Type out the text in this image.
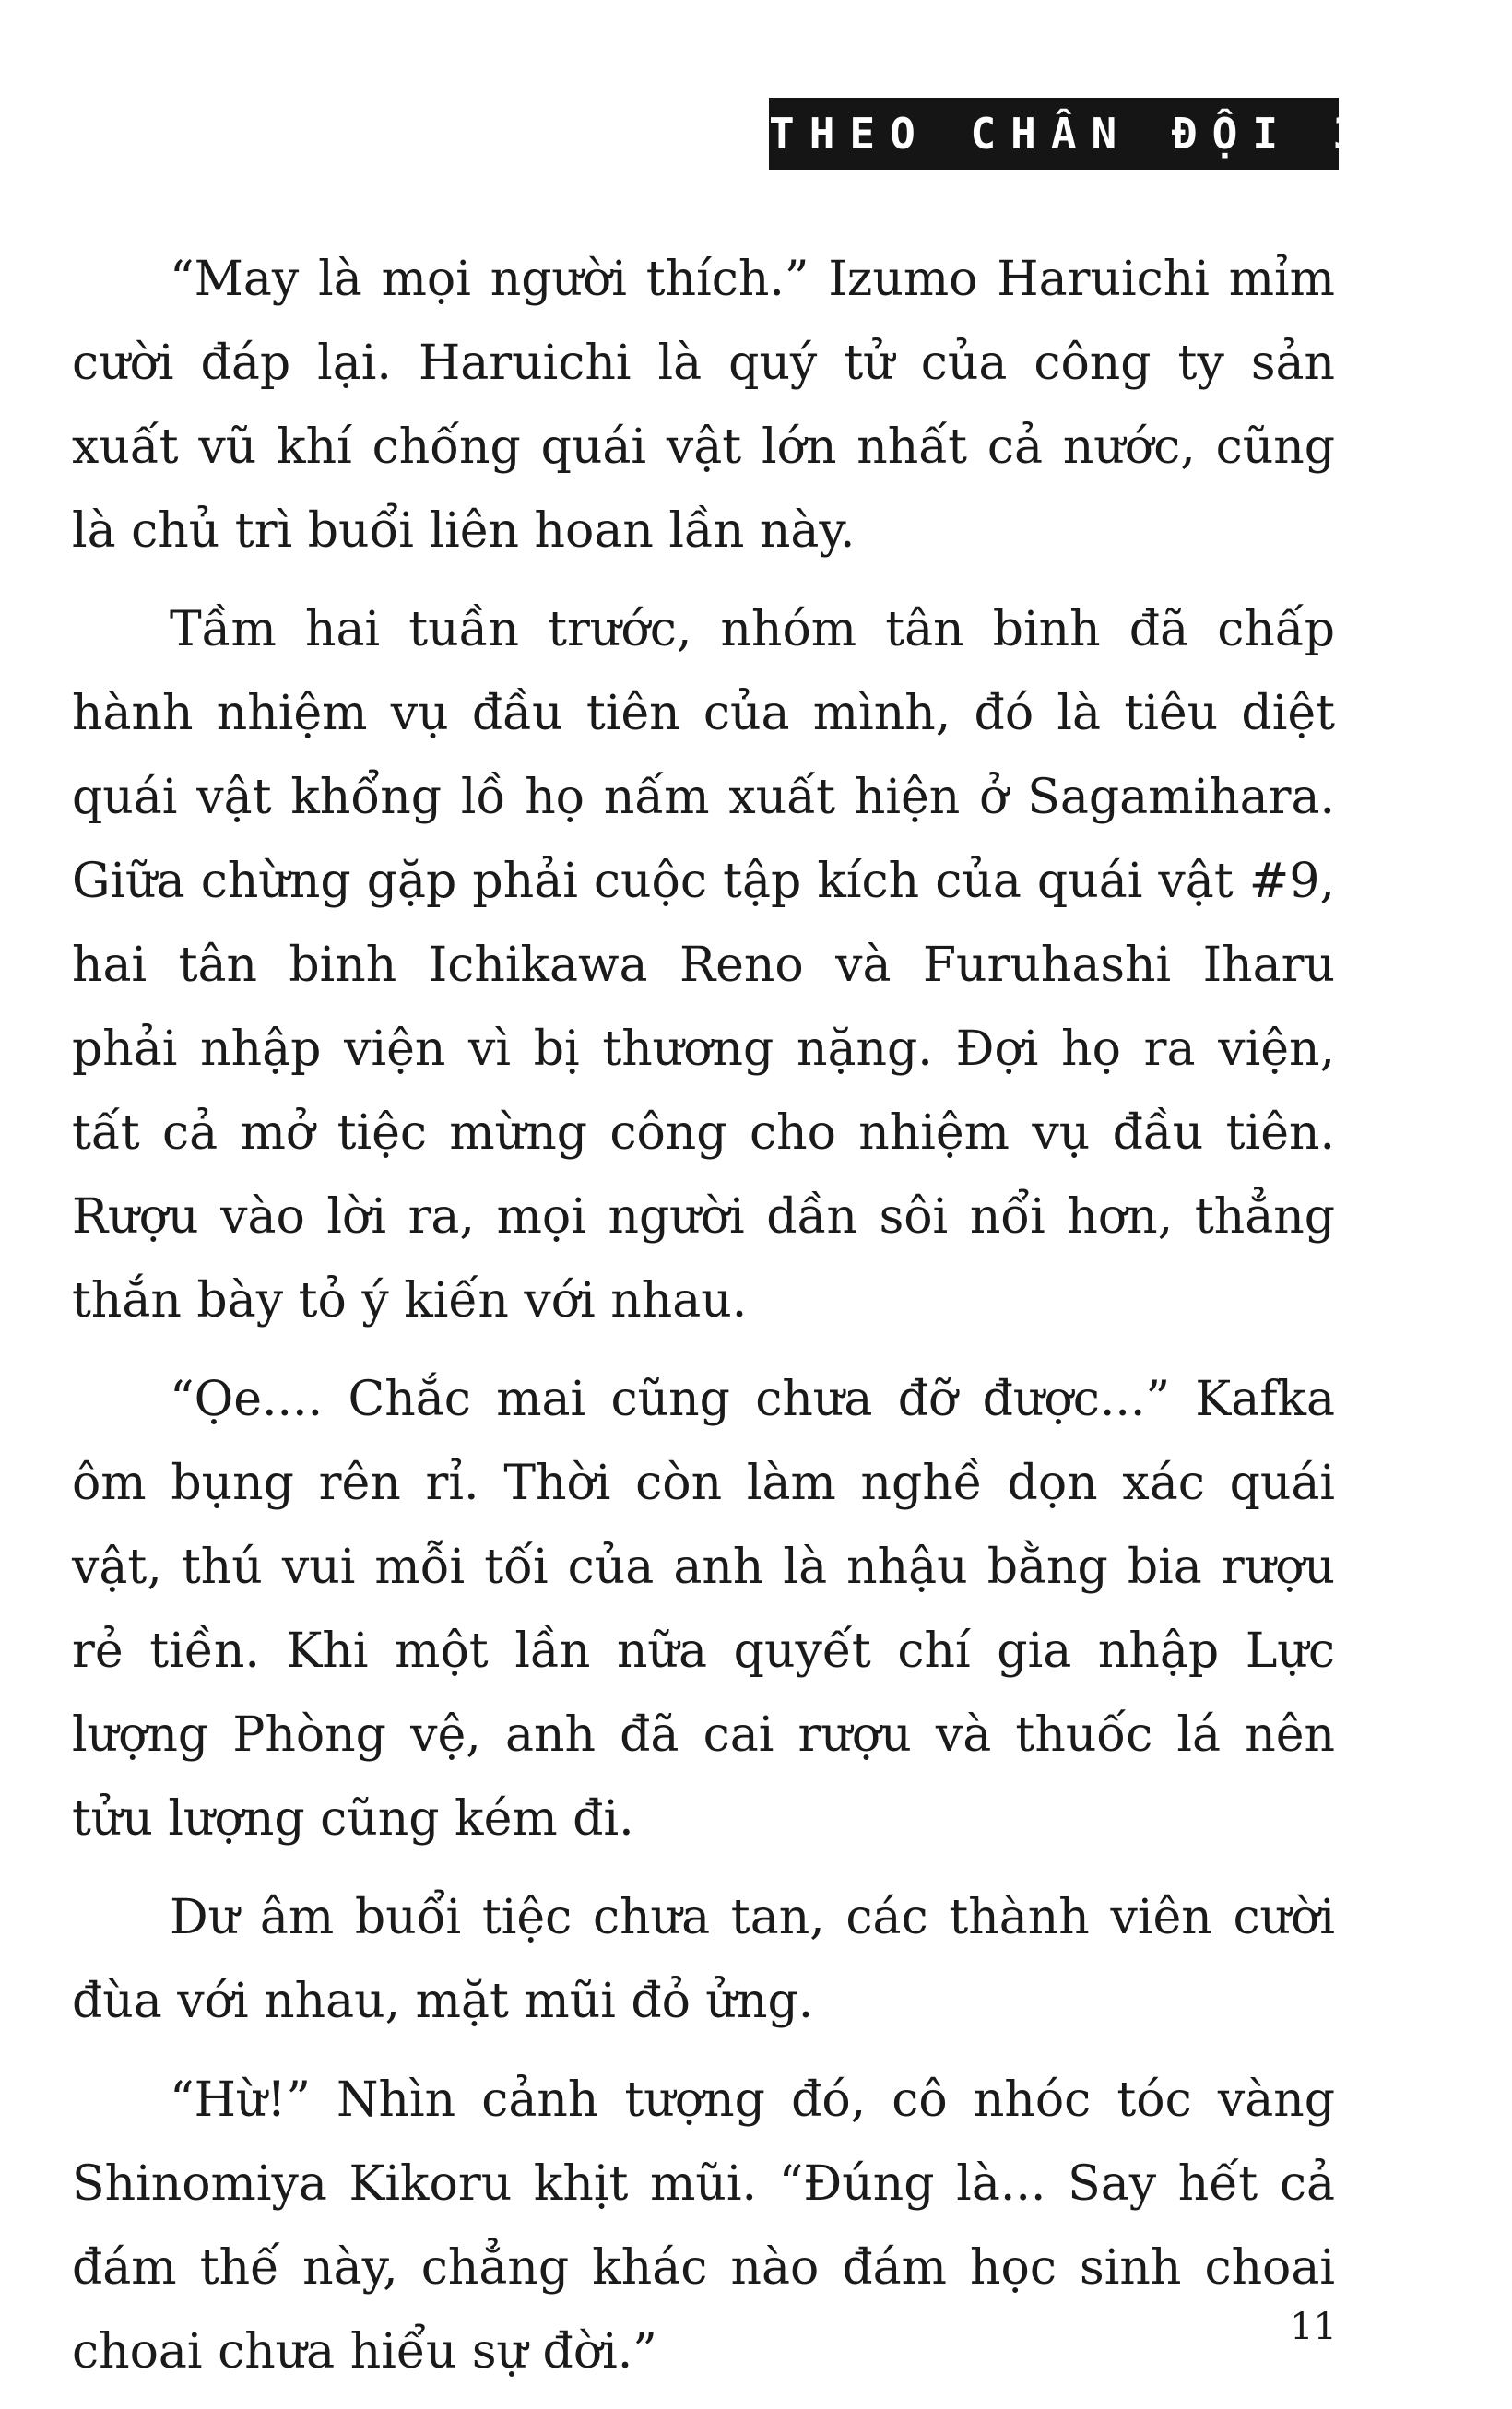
THEO CHÂN ĐỘI 3!

“May là mọi người thích.” Izumo Haruichi mỉm cười đáp lại. Haruichi là quý tử của công ty sản xuất vũ khí chống quái vật lớn nhất cả nước, cũng là chủ trì buổi liên hoan lần này.

Tầm hai tuần trước, nhóm tân binh đã chấp hành nhiệm vụ đầu tiên của mình, đó là tiêu diệt quái vật khổng lồ họ nấm xuất hiện ở Sagamihara. Giữa chừng gặp phải cuộc tập kích của quái vật #9, hai tân binh Ichikawa Reno và Furuhashi Iharu phải nhập viện vì bị thương nặng. Đợi họ ra viện, tất cả mở tiệc mừng công cho nhiệm vụ đầu tiên. Rượu vào lời ra, mọi người dần sôi nổi hơn, thẳng thắn bày tỏ ý kiến với nhau.

“Ọe.... Chắc mai cũng chưa đỡ được...” Kafka ôm bụng rên rỉ. Thời còn làm nghề dọn xác quái vật, thú vui mỗi tối của anh là nhậu bằng bia rượu rẻ tiền. Khi một lần nữa quyết chí gia nhập Lực lượng Phòng vệ, anh đã cai rượu và thuốc lá nên tửu lượng cũng kém đi.

Dư âm buổi tiệc chưa tan, các thành viên cười đùa với nhau, mặt mũi đỏ ửng.

“Hừ!” Nhìn cảnh tượng đó, cô nhóc tóc vàng Shinomiya Kikoru khịt mũi. “Đúng là... Say hết cả đám thế này, chẳng khác nào đám học sinh choai choai chưa hiểu sự đời.”	11
